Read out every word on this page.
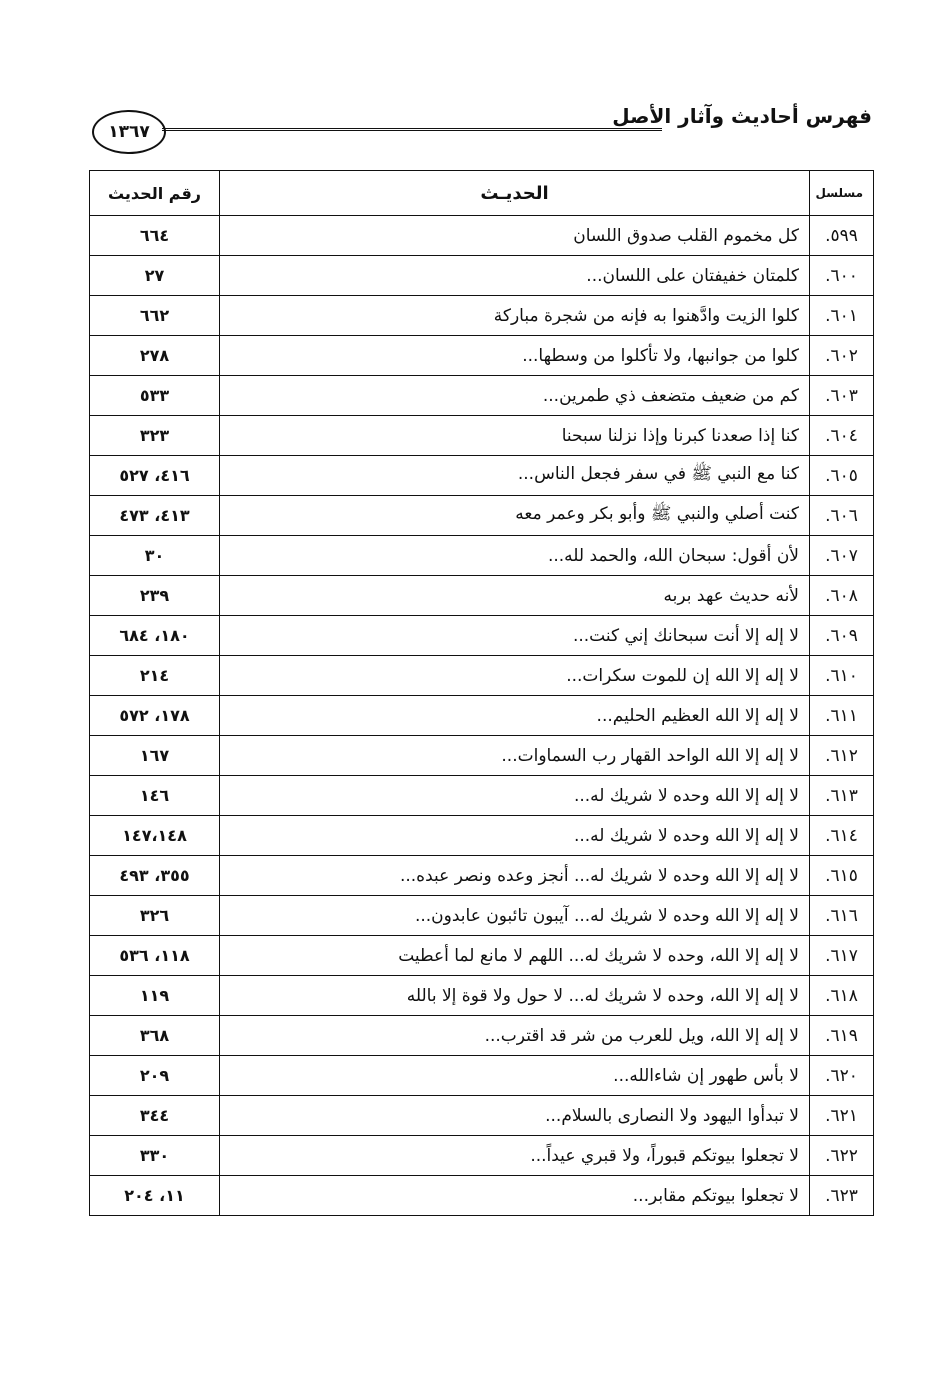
فهرس أحاديث وآثار الأصل
١٣٦٧
مسلسل	الحديـث	رقم الحديث
٥٩٩.	كل مخموم القلب صدوق اللسان	٦٦٤
٦٠٠.	كلمتان خفيفتان على اللسان...	٢٧
٦٠١.	كلوا الزيت وادَّهنوا به فإنه من شجرة مباركة	٦٦٢
٦٠٢.	كلوا من جوانبها، ولا تأكلوا من وسطها...	٢٧٨
٦٠٣.	كم من ضعيف متضعف ذي طمرين...	٥٣٣
٦٠٤.	كنا إذا صعدنا كبرنا وإذا نزلنا سبحنا	٣٢٣
٦٠٥.	كنا مع النبي ﷺ في سفر فجعل الناس...	٤١٦، ٥٢٧
٦٠٦.	كنت أصلي والنبي ﷺ وأبو بكر وعمر معه	٤١٣، ٤٧٣
٦٠٧.	لأن أقول: سبحان الله، والحمد لله...	٣٠
٦٠٨.	لأنه حديث عهد بربه	٢٣٩
٦٠٩.	لا إله إلا أنت سبحانك إني كنت...	١٨٠، ٦٨٤
٦١٠.	لا إله إلا الله إن للموت سكرات...	٢١٤
٦١١.	لا إله إلا الله العظيم الحليم...	١٧٨، ٥٧٢
٦١٢.	لا إله إلا الله الواحد القهار رب السماوات...	١٦٧
٦١٣.	لا إله إلا الله وحده لا شريك له...	١٤٦
٦١٤.	لا إله إلا الله وحده لا شريك له...	١٤٧،١٤٨
٦١٥.	لا إله إلا الله وحده لا شريك له... أنجز وعده ونصر عبده...	٣٥٥، ٤٩٣
٦١٦.	لا إله إلا الله وحده لا شريك له... آيبون تائبون عابدون...	٣٢٦
٦١٧.	لا إله إلا الله، وحده لا شريك له... اللهم لا مانع لما أعطيت	١١٨، ٥٣٦
٦١٨.	لا إله إلا الله، وحده لا شريك له... لا حول ولا قوة إلا بالله	١١٩
٦١٩.	لا إله إلا الله، ويل للعرب من شر قد اقترب...	٣٦٨
٦٢٠.	لا بأس طهور إن شاءالله...	٢٠٩
٦٢١.	لا تبدأوا اليهود ولا النصارى بالسلام...	٣٤٤
٦٢٢.	لا تجعلوا بيوتكم قبوراً، ولا قبري عيداً...	٣٣٠
٦٢٣.	لا تجعلوا بيوتكم مقابر...	١١، ٢٠٤
